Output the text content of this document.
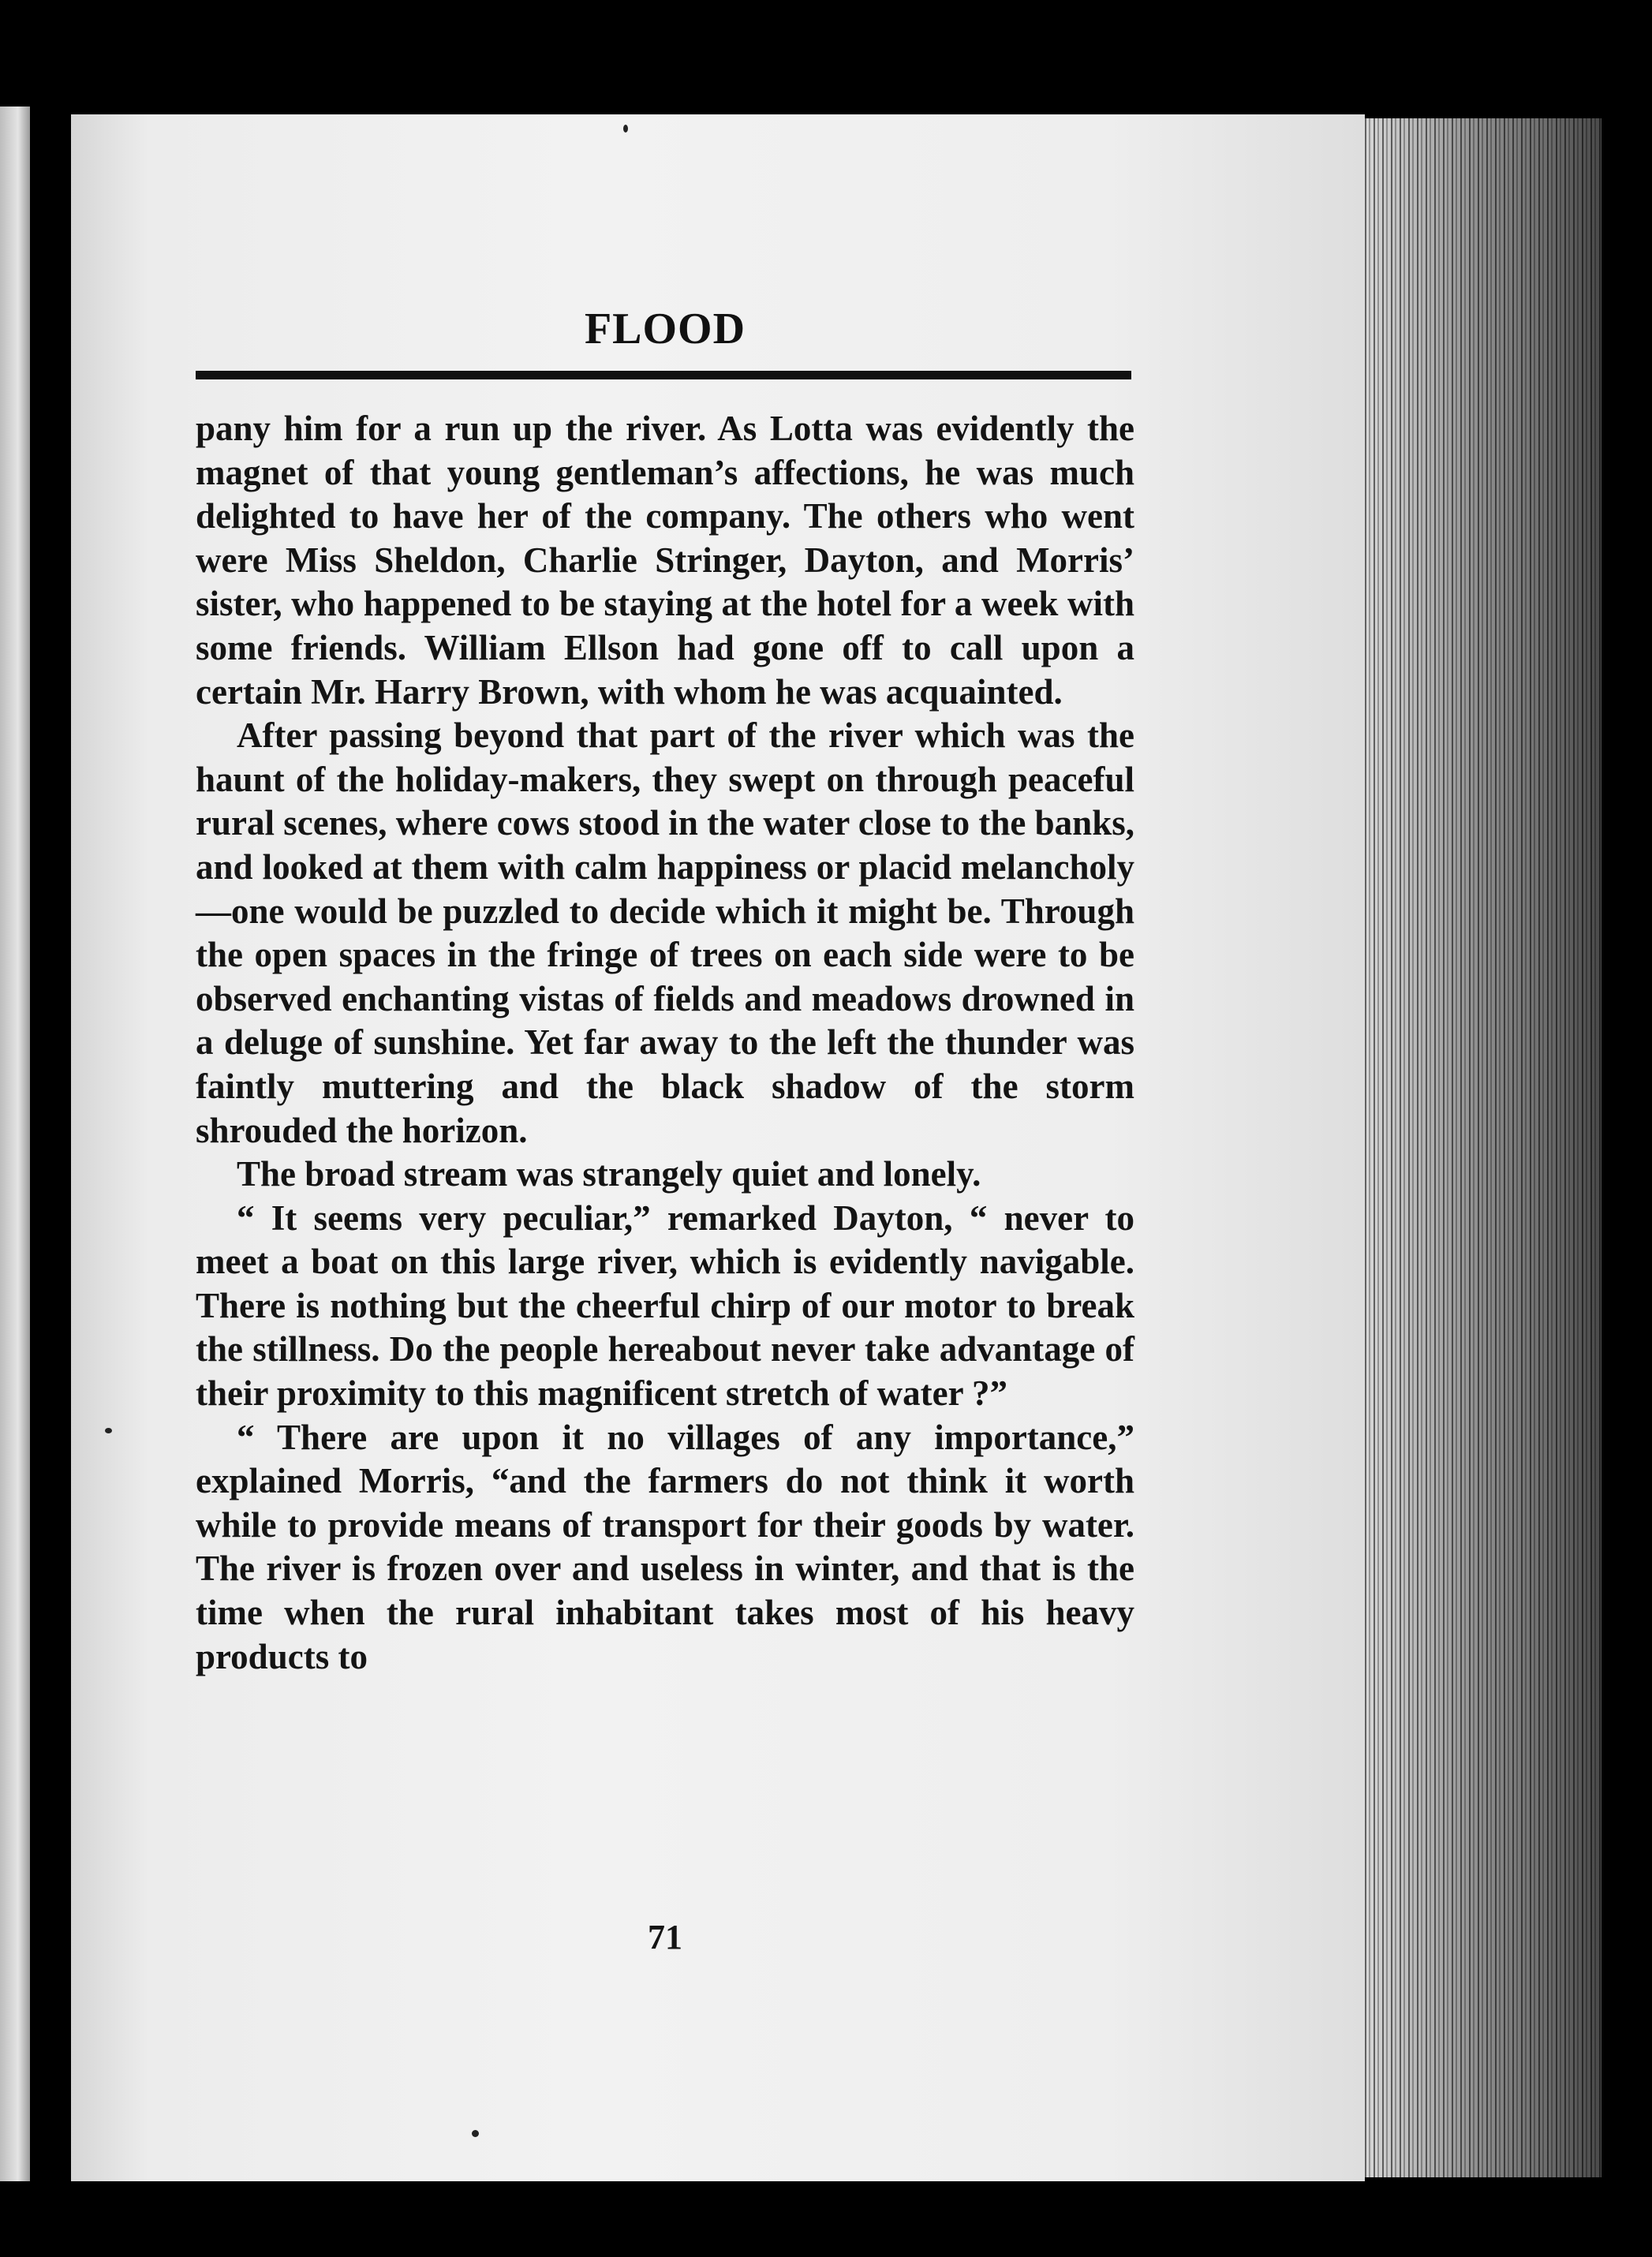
FLOOD

pany him for a run up the river. As Lotta was evidently the magnet of that young gentleman’s affections, he was much delighted to have her of the company. The others who went were Miss Sheldon, Charlie Stringer, Dayton, and Morris’ sister, who happened to be staying at the hotel for a week with some friends. William Ellson had gone off to call upon a certain Mr. Harry Brown, with whom he was acquainted.

After passing beyond that part of the river which was the haunt of the holiday-makers, they swept on through peaceful rural scenes, where cows stood in the water close to the banks, and looked at them with calm happiness or placid melancholy—one would be puzzled to decide which it might be. Through the open spaces in the fringe of trees on each side were to be observed enchanting vistas of fields and meadows drowned in a deluge of sunshine. Yet far away to the left the thunder was faintly muttering and the black shadow of the storm shrouded the horizon.

The broad stream was strangely quiet and lonely.

“ It seems very peculiar,” remarked Dayton, “ never to meet a boat on this large river, which is evidently navigable. There is nothing but the cheerful chirp of our motor to break the stillness. Do the people hereabout never take advantage of their proximity to this magnificent stretch of water ?”

“ There are upon it no villages of any importance,” explained Morris, “and the farmers do not think it worth while to provide means of transport for their goods by water. The river is frozen over and useless in winter, and that is the time when the rural inhabitant takes most of his heavy products to

71
